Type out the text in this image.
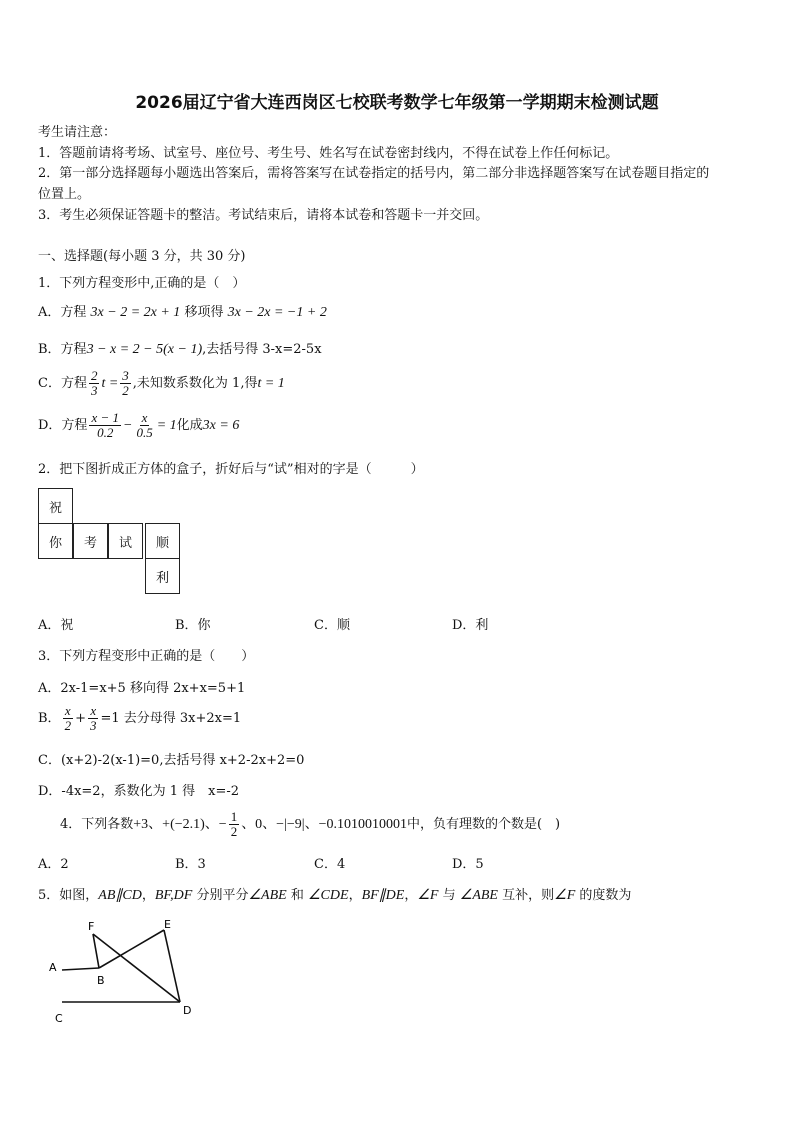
2026届辽宁省大连西岗区七校联考数学七年级第一学期期末检测试题
考生请注意：
1．答题前请将考场、试室号、座位号、考生号、姓名写在试卷密封线内，不得在试卷上作任何标记。
2．第一部分选择题每小题选出答案后，需将答案写在试卷指定的括号内，第二部分非选择题答案写在试卷题目指定的
位置上。
3．考生必须保证答题卡的整洁。考试结束后，请将本试卷和答题卡一并交回。
一、选择题(每小题 3 分，共 30 分)
1．下列方程变形中,正确的是（　）
A．方程 3x − 2 = 2x + 1 移项得 3x − 2x = −1 + 2
B．方程3 − x = 2 − 5(x − 1),去括号得 3-x=2-5x
C．方程 $\frac{2}{3}$ $t = \frac{3}{2}$ ,未知数系数化为 1,得t = 1
D．方程 $\frac{x - 1}{0.2} - \frac{x}{0.5} = 1$化成3x = 6
2．把下图折成正方体的盒子，折好后与“试”相对的字是（　　　）
祝
你	考	试	顺
利
A．祝	B．你	C．顺	D．利
3．下列方程变形中正确的是（　　）
A．2x-1=x+5 移向得 2x+x=5+1
B． $\frac{x}{2} + \frac{x}{3} =1$ 去分母得 3x+2x=1
C．(x+2)-2(x-1)=0,去括号得 x+2-2x+2=0
D．-4x=2，系数化为 1 得　x=-2
4．下列各数+3、+(−2.1)、− $\frac{1}{2}$ 、0、−|−9|、−0.1010010001中，负有理数的个数是(　)
A．2	B．3	C．4	D．5
5．如图，AB∥CD，BF,DF 分别平分∠ABE 和 ∠CDE，BF∥DE，∠F 与 ∠ABE 互补，则∠F 的度数为
A
B
C
D
E
F
